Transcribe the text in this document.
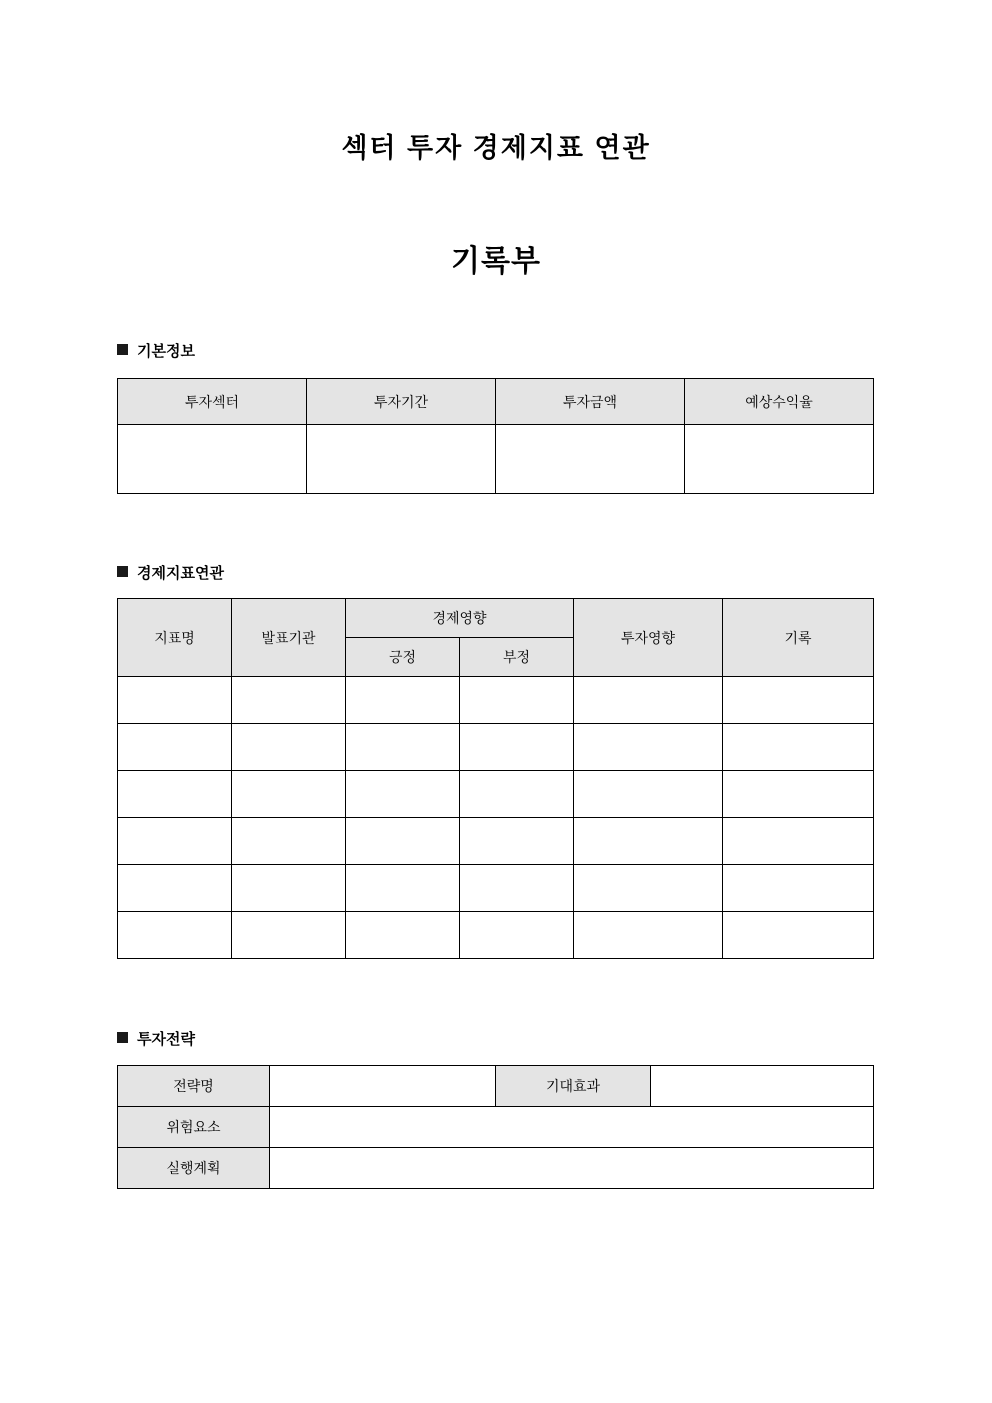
섹터 투자 경제지표 연관
기록부
기본정보
투자섹터	투자기간	투자금액	예상수익율

경제지표연관
지표명	발표기관	경제영향		투자영향	기록
		긍정	부정		

투자전략
전략명		기대효과	
위험요소			
실행계획			
